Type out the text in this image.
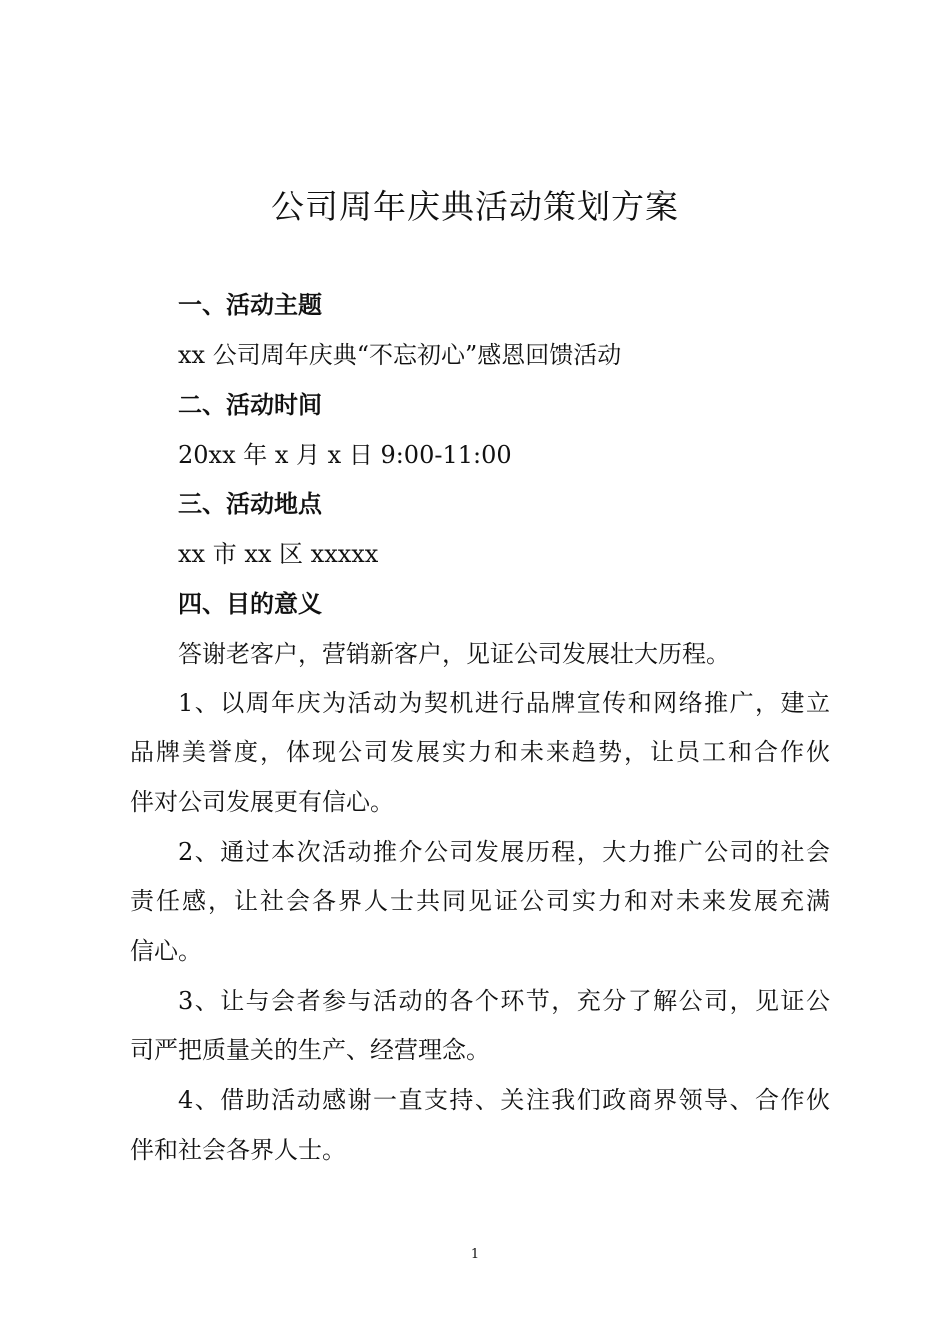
公司周年庆典活动策划方案
一、活动主题
xx 公司周年庆典“不忘初心”感恩回馈活动
二、活动时间
20xx 年 x 月 x 日 9:00-11:00
三、活动地点
xx 市 xx 区 xxxxx
四、目的意义
答谢老客户，营销新客户，见证公司发展壮大历程。
1、以周年庆为活动为契机进行品牌宣传和网络推广，建立
品牌美誉度，体现公司发展实力和未来趋势，让员工和合作伙
伴对公司发展更有信心。
2、通过本次活动推介公司发展历程，大力推广公司的社会
责任感，让社会各界人士共同见证公司实力和对未来发展充满
信心。
3、让与会者参与活动的各个环节，充分了解公司，见证公
司严把质量关的生产、经营理念。
4、借助活动感谢一直支持、关注我们政商界领导、合作伙
伴和社会各界人士。
1
